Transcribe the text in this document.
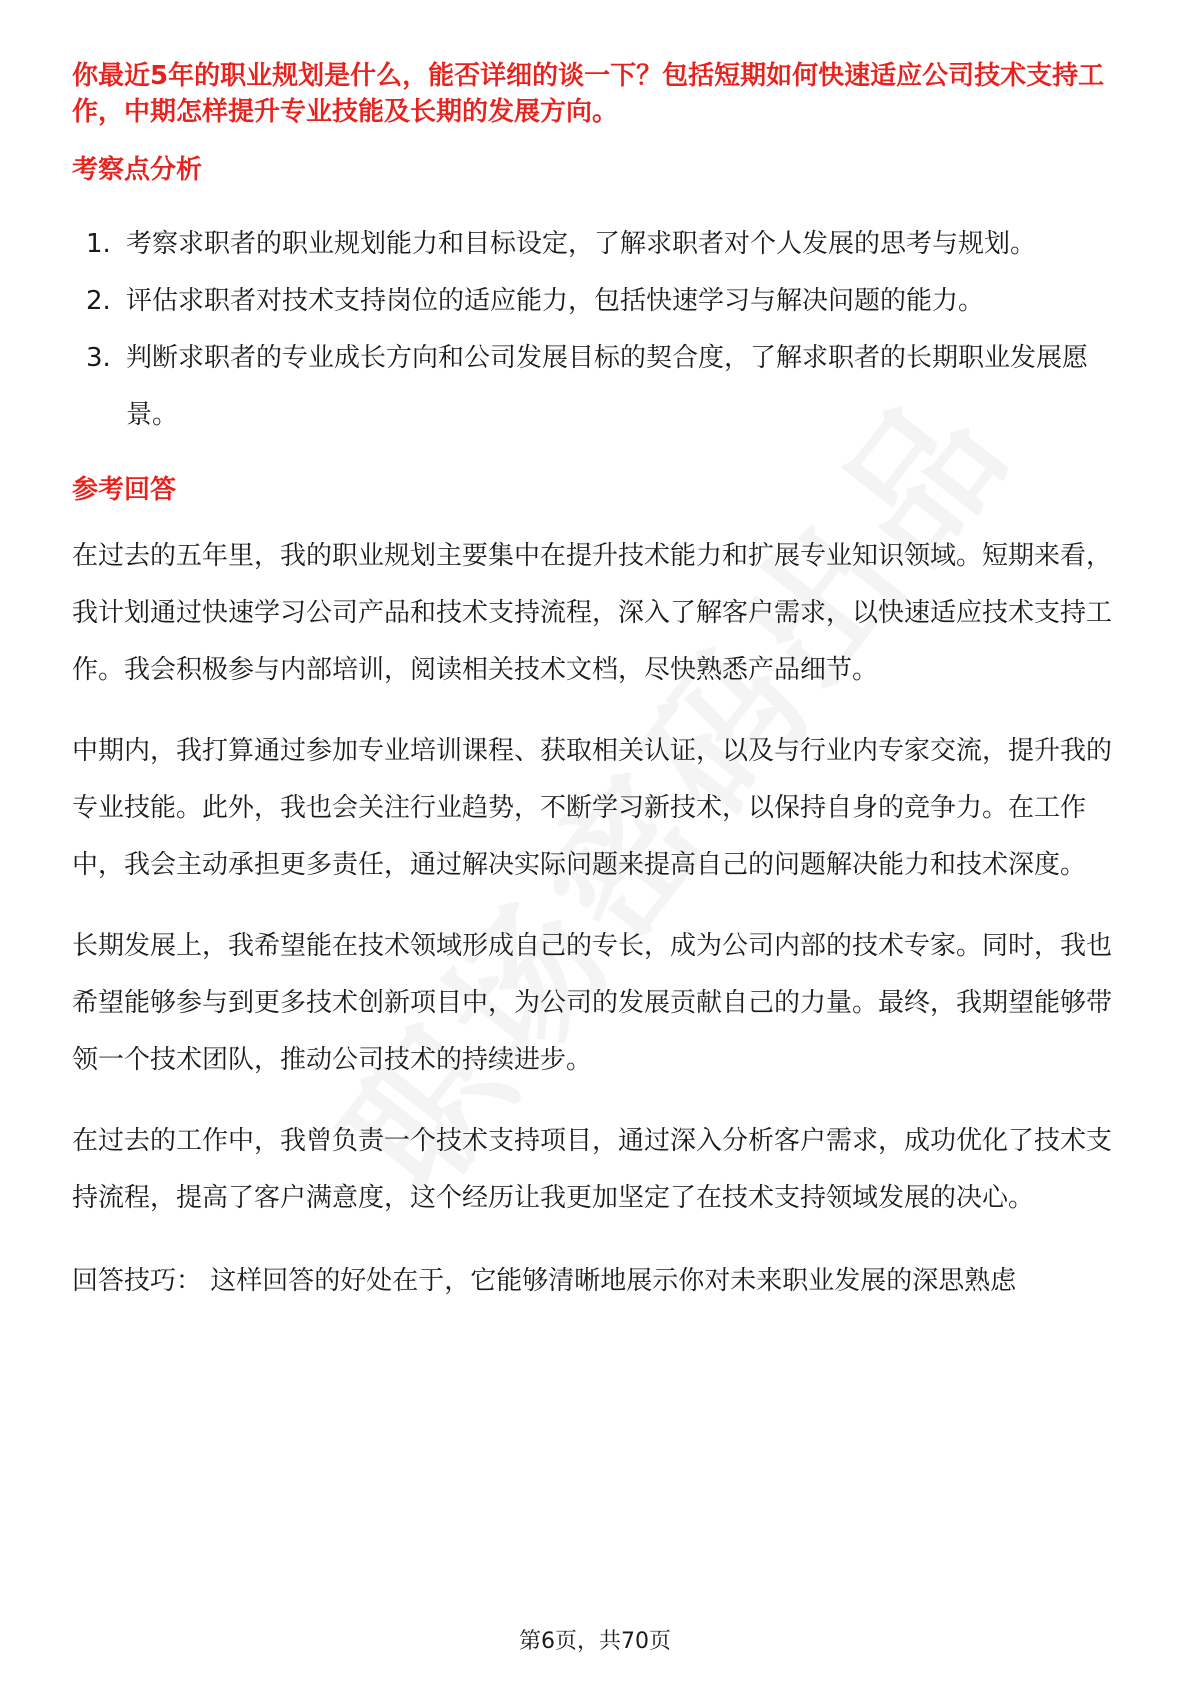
你最近5年的职业规划是什么，能否详细的谈一下？包括短期如何快速适应公司技术支持工作，中期怎样提升专业技能及长期的发展方向。

考察点分析

1. 考察求职者的职业规划能力和目标设定，了解求职者对个人发展的思考与规划。
2. 评估求职者对技术支持岗位的适应能力，包括快速学习与解决问题的能力。
3. 判断求职者的专业成长方向和公司发展目标的契合度，了解求职者的长期职业发展愿景。

参考回答

在过去的五年里，我的职业规划主要集中在提升技术能力和扩展专业知识领域。短期来看，我计划通过快速学习公司产品和技术支持流程，深入了解客户需求，以快速适应技术支持工作。我会积极参与内部培训，阅读相关技术文档，尽快熟悉产品细节。

中期内，我打算通过参加专业培训课程、获取相关认证，以及与行业内专家交流，提升我的专业技能。此外，我也会关注行业趋势，不断学习新技术，以保持自身的竞争力。在工作中，我会主动承担更多责任，通过解决实际问题来提高自己的问题解决能力和技术深度。

长期发展上，我希望能在技术领域形成自己的专长，成为公司内部的技术专家。同时，我也希望能够参与到更多技术创新项目中，为公司的发展贡献自己的力量。最终，我期望能够带领一个技术团队，推动公司技术的持续进步。

在过去的工作中，我曾负责一个技术支持项目，通过深入分析客户需求，成功优化了技术支持流程，提高了客户满意度，这个经历让我更加坚定了在技术支持领域发展的决心。

回答技巧： 这样回答的好处在于，它能够清晰地展示你对未来职业发展的深思熟虑

第6页，共70页
